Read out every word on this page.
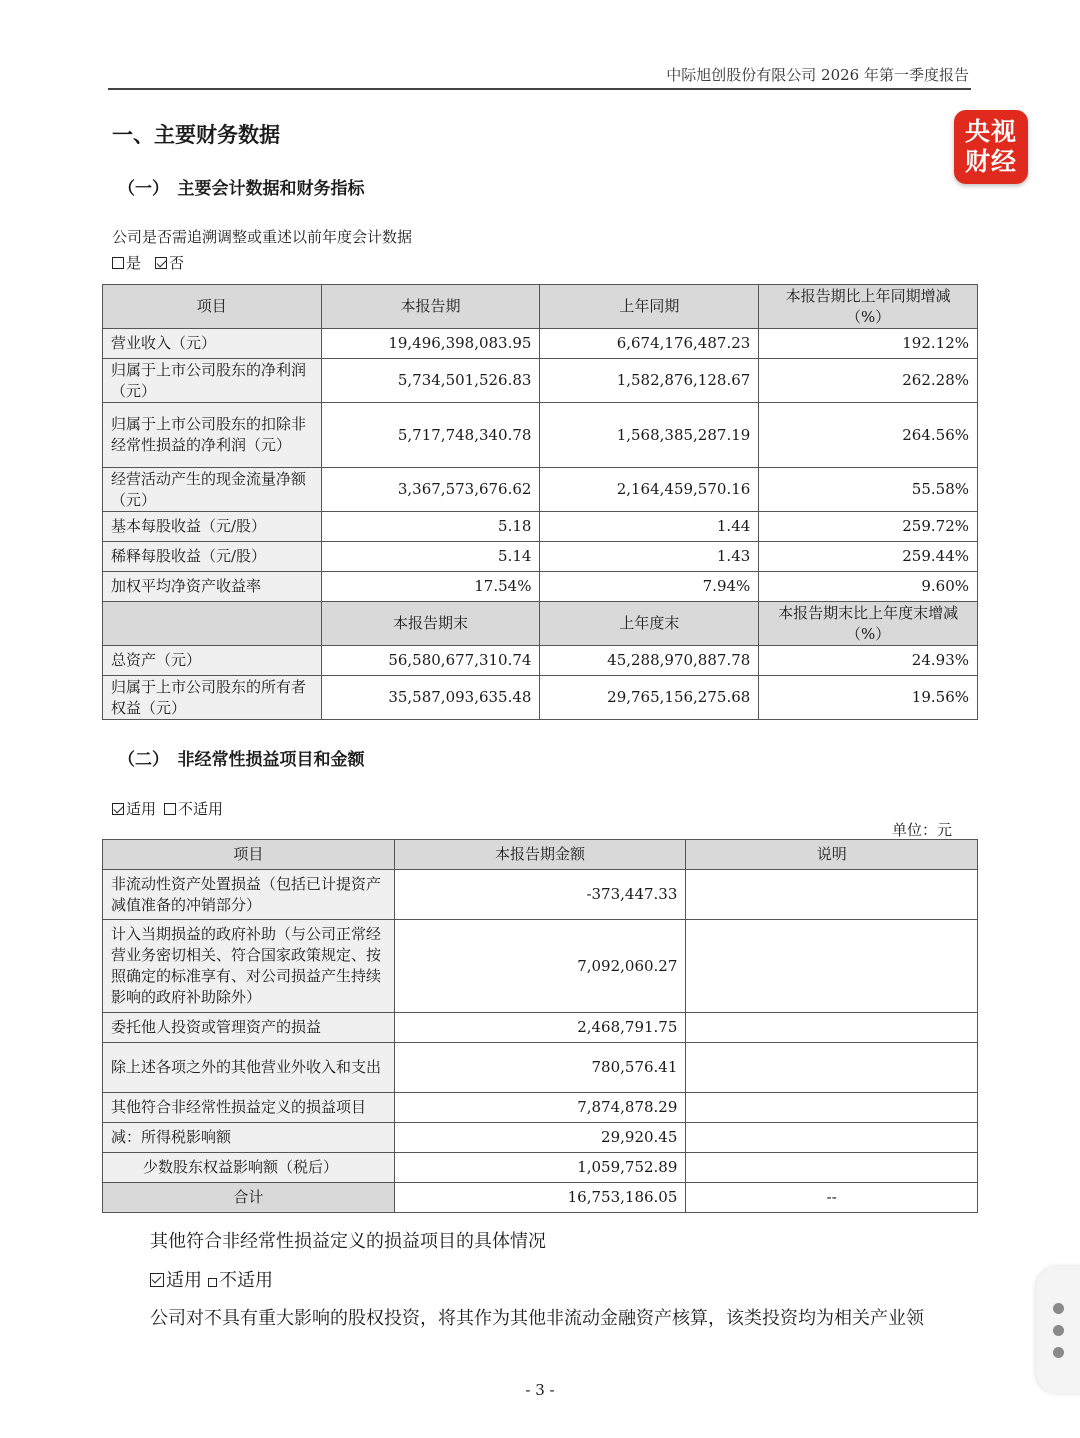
中际旭创股份有限公司 2026 年第一季度报告
央视
财经
一、主要财务数据
（一）　主要会计数据和财务指标
公司是否需追溯调整或重述以前年度会计数据
是 否
项目	本报告期	上年同期	本报告期比上年同期增减（%）
营业收入（元）	19,496,398,083.95	6,674,176,487.23	192.12%
归属于上市公司股东的净利润（元）	5,734,501,526.83	1,582,876,128.67	262.28%
归属于上市公司股东的扣除非经常性损益的净利润（元）	5,717,748,340.78	1,568,385,287.19	264.56%
经营活动产生的现金流量净额（元）	3,367,573,676.62	2,164,459,570.16	55.58%
基本每股收益（元/股）	5.18	1.44	259.72%
稀释每股收益（元/股）	5.14	1.43	259.44%
加权平均净资产收益率	17.54%	7.94%	9.60%
	本报告期末	上年度末	本报告期末比上年度末增减（%）
总资产（元）	56,580,677,310.74	45,288,970,887.78	24.93%
归属于上市公司股东的所有者权益（元）	35,587,093,635.48	29,765,156,275.68	19.56%
（二）　非经常性损益项目和金额
适用 不适用
单位：元
项目	本报告期金额	说明
非流动性资产处置损益（包括已计提资产减值准备的冲销部分）	-373,447.33	
计入当期损益的政府补助（与公司正常经营业务密切相关、符合国家政策规定、按照确定的标准享有、对公司损益产生持续影响的政府补助除外）	7,092,060.27	
委托他人投资或管理资产的损益	2,468,791.75	
除上述各项之外的其他营业外收入和支出	780,576.41	
其他符合非经常性损益定义的损益项目	7,874,878.29	
减：所得税影响额	29,920.45	
少数股东权益影响额（税后）	1,059,752.89	
合计	16,753,186.05	--
其他符合非经常性损益定义的损益项目的具体情况
适用 不适用
公司对不具有重大影响的股权投资，将其作为其他非流动金融资产核算，该类投资均为相关产业领
- 3 -
